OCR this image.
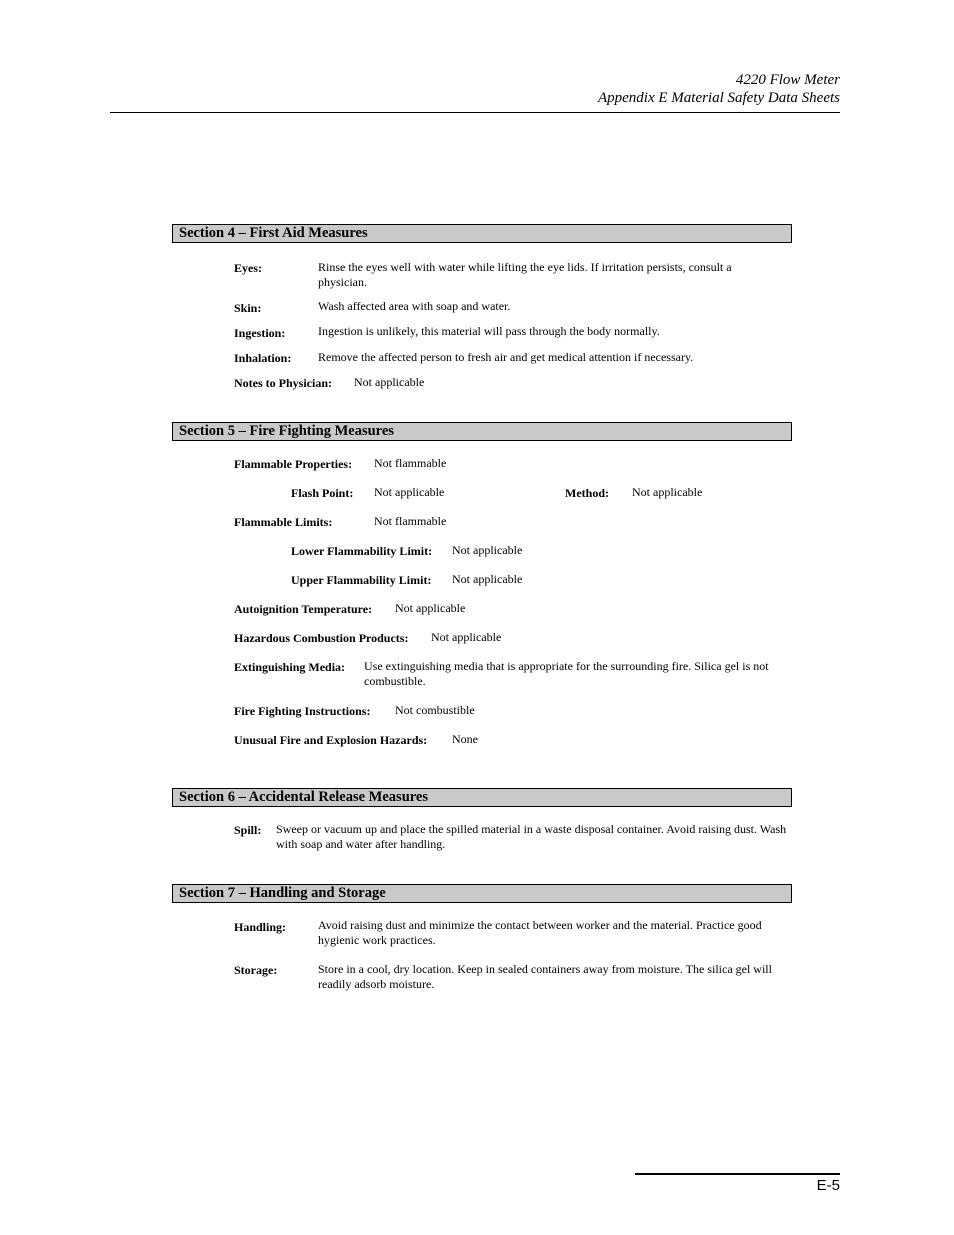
4220 Flow Meter
Appendix E Material Safety Data Sheets
Section 4 – First Aid Measures
Eyes:	Rinse the eyes well with water while lifting the eye lids. If irritation persists, consult a physician.
Skin:	Wash affected area with soap and water.
Ingestion:	Ingestion is unlikely, this material will pass through the body normally.
Inhalation: Remove the affected person to fresh air and get medical attention if necessary.
Notes to Physician: Not applicable
Section 5 – Fire Fighting Measures
Flammable Properties: Not flammable
Flash Point: Not applicable	Method: Not applicable
Flammable Limits:	Not flammable
Lower Flammability Limit: Not applicable
Upper Flammability Limit: Not applicable
Autoignition Temperature: Not applicable
Hazardous Combustion Products: Not applicable
Extinguishing Media: Use extinguishing media that is appropriate for the surrounding fire. Silica gel is not combustible.
Fire Fighting Instructions: Not combustible
Unusual Fire and Explosion Hazards: None
Section 6 – Accidental Release Measures
Spill: Sweep or vacuum up and place the spilled material in a waste disposal container. Avoid raising dust. Wash with soap and water after handling.
Section 7 – Handling and Storage
Handling:	Avoid raising dust and minimize the contact between worker and the material. Practice good hygienic work practices.
Storage:	Store in a cool, dry location. Keep in sealed containers away from moisture. The silica gel will readily adsorb moisture.
E-5
